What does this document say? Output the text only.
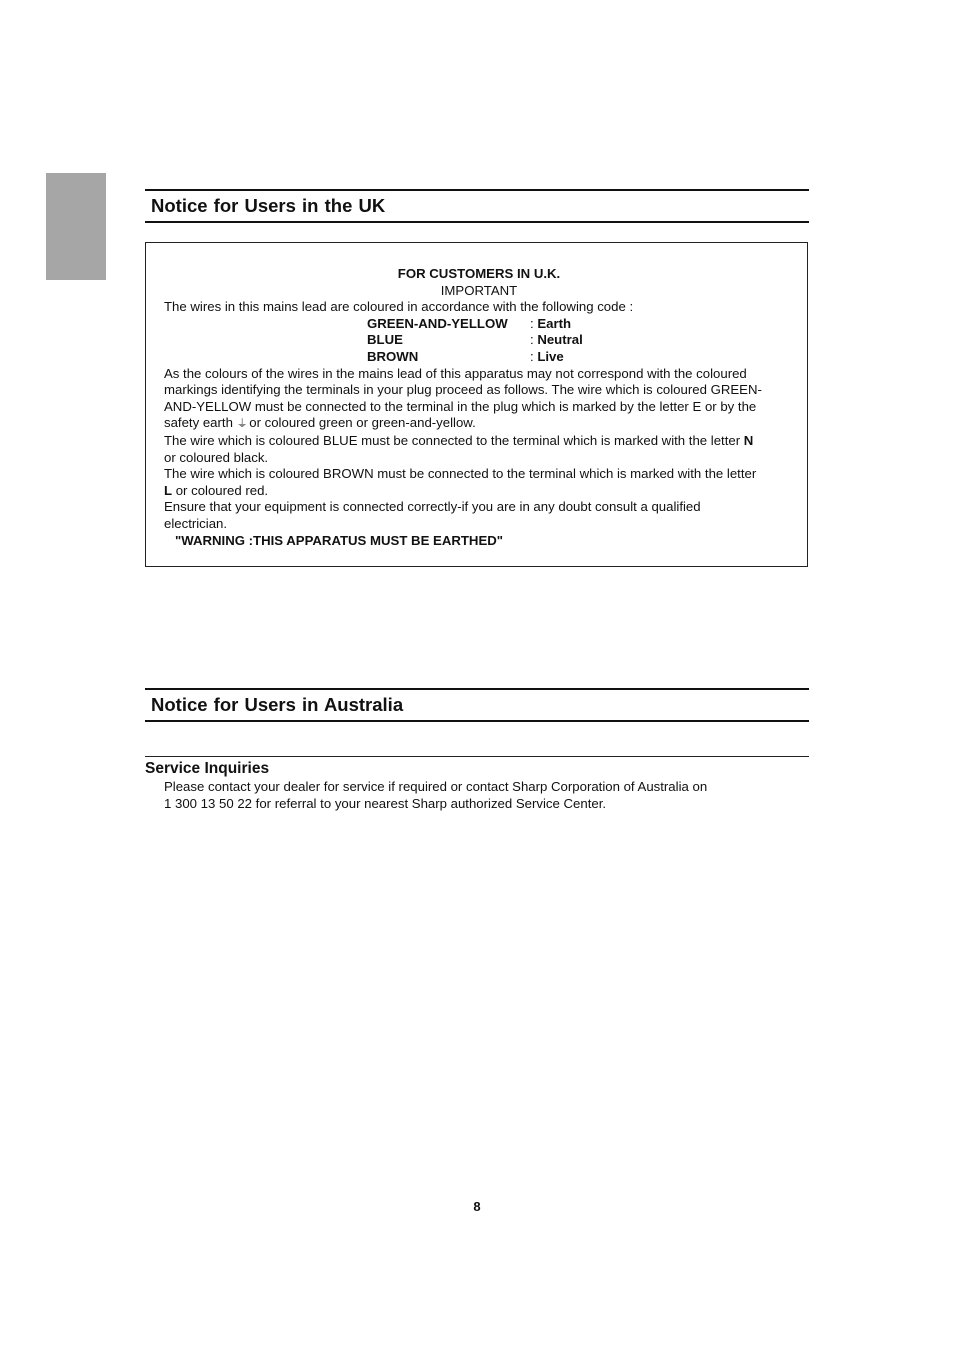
Notice for Users in the UK
FOR CUSTOMERS IN U.K.
IMPORTANT
The wires in this mains lead are coloured in accordance with the following code :
GREEN-AND-YELLOW : Earth
BLUE	: Neutral
BROWN	: Live
As the colours of the wires in the mains lead of this apparatus may not correspond with the coloured
markings identifying the terminals in your plug proceed as follows. The wire which is coloured GREEN-
AND-YELLOW must be connected to the terminal in the plug which is marked by the letter E or by the
safety earth ⏚ or coloured green or green-and-yellow.
The wire which is coloured BLUE must be connected to the terminal which is marked with the letter N
or coloured black.
The wire which is coloured BROWN must be connected to the terminal which is marked with the letter
L or coloured red.
Ensure that your equipment is connected correctly-if you are in any doubt consult a qualified
electrician.
"WARNING :THIS APPARATUS MUST BE EARTHED"
Notice for Users in Australia
Service Inquiries
Please contact your dealer for service if required or contact Sharp Corporation of Australia on
1 300 13 50 22 for referral to your nearest Sharp authorized Service Center.
8
